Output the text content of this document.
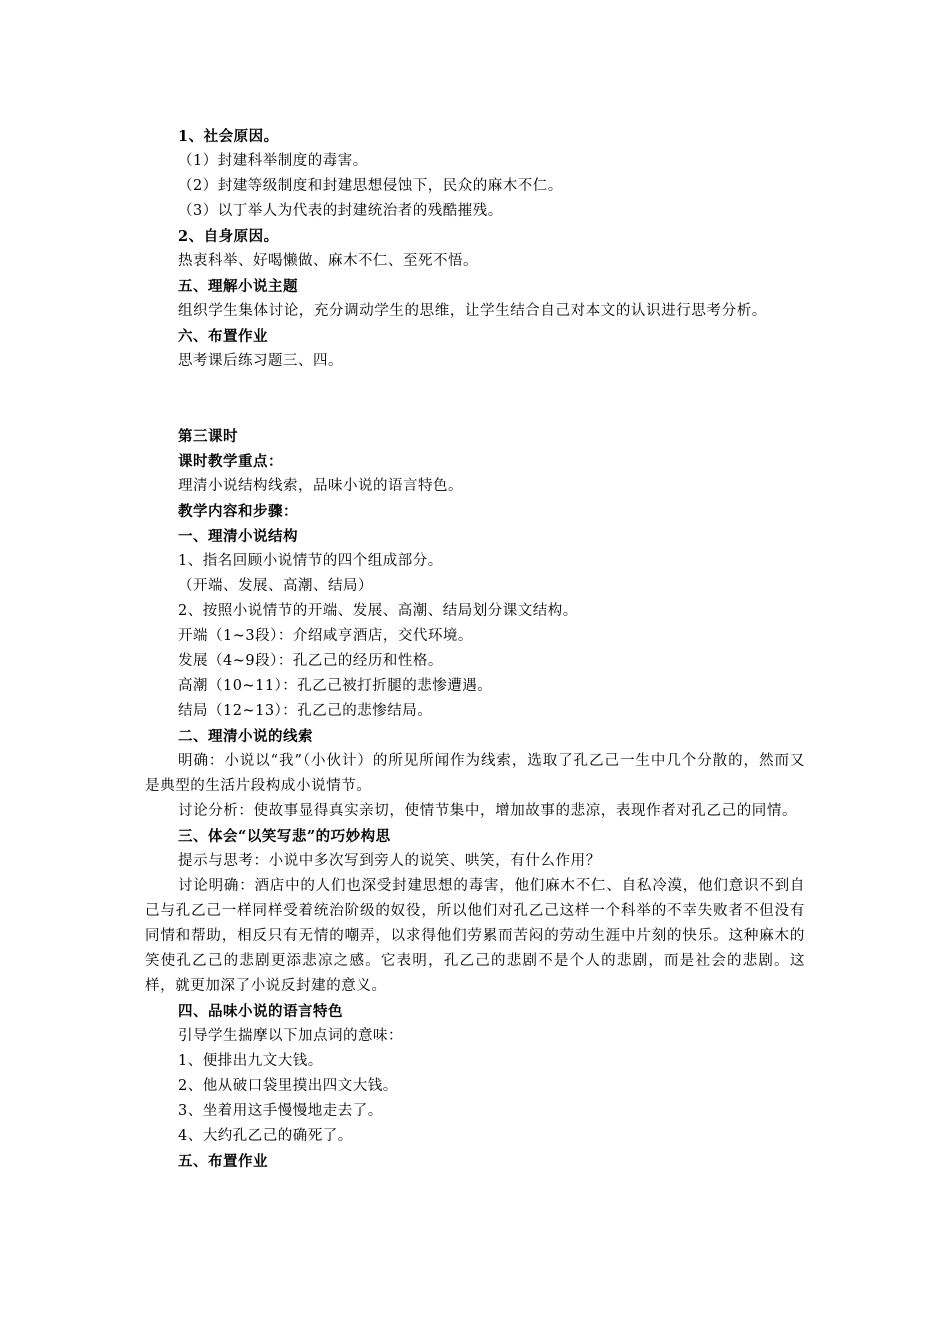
1、社会原因。
（1）封建科举制度的毒害。
（2）封建等级制度和封建思想侵蚀下，民众的麻木不仁。
（3）以丁举人为代表的封建统治者的残酷摧残。
2、自身原因。
热衷科举、好喝懒做、麻木不仁、至死不悟。
五、理解小说主题
组织学生集体讨论，充分调动学生的思维，让学生结合自己对本文的认识进行思考分析。
六、布置作业
思考课后练习题三、四。
第三课时
课时教学重点：
理清小说结构线索，品味小说的语言特色。
教学内容和步骤：
一、理清小说结构
1、指名回顾小说情节的四个组成部分。
（开端、发展、高潮、结局）
2、按照小说情节的开端、发展、高潮、结局划分课文结构。
开端（1~3段）：介绍咸亨酒店，交代环境。
发展（4~9段）：孔乙己的经历和性格。
高潮（10~11）：孔乙己被打折腿的悲惨遭遇。
结局（12~13）：孔乙己的悲惨结局。
二、理清小说的线索
明确：小说以“我”（小伙计）的所见所闻作为线索，选取了孔乙己一生中几个分散的，然而又是典型的生活片段构成小说情节。
讨论分析：使故事显得真实亲切，使情节集中，增加故事的悲凉，表现作者对孔乙己的同情。
三、体会“以笑写悲”的巧妙构思
提示与思考：小说中多次写到旁人的说笑、哄笑，有什么作用？
讨论明确：酒店中的人们也深受封建思想的毒害，他们麻木不仁、自私冷漠，他们意识不到自己与孔乙己一样同样受着统治阶级的奴役，所以他们对孔乙己这样一个科举的不幸失败者不但没有同情和帮助，相反只有无情的嘲弄，以求得他们劳累而苦闷的劳动生涯中片刻的快乐。这种麻木的笑使孔乙己的悲剧更添悲凉之感。它表明，孔乙己的悲剧不是个人的悲剧，而是社会的悲剧。这样，就更加深了小说反封建的意义。
四、品味小说的语言特色
引导学生揣摩以下加点词的意味：
1、便排出九文大钱。
2、他从破口袋里摸出四文大钱。
3、坐着用这手慢慢地走去了。
4、大约孔乙己的确死了。
五、布置作业
